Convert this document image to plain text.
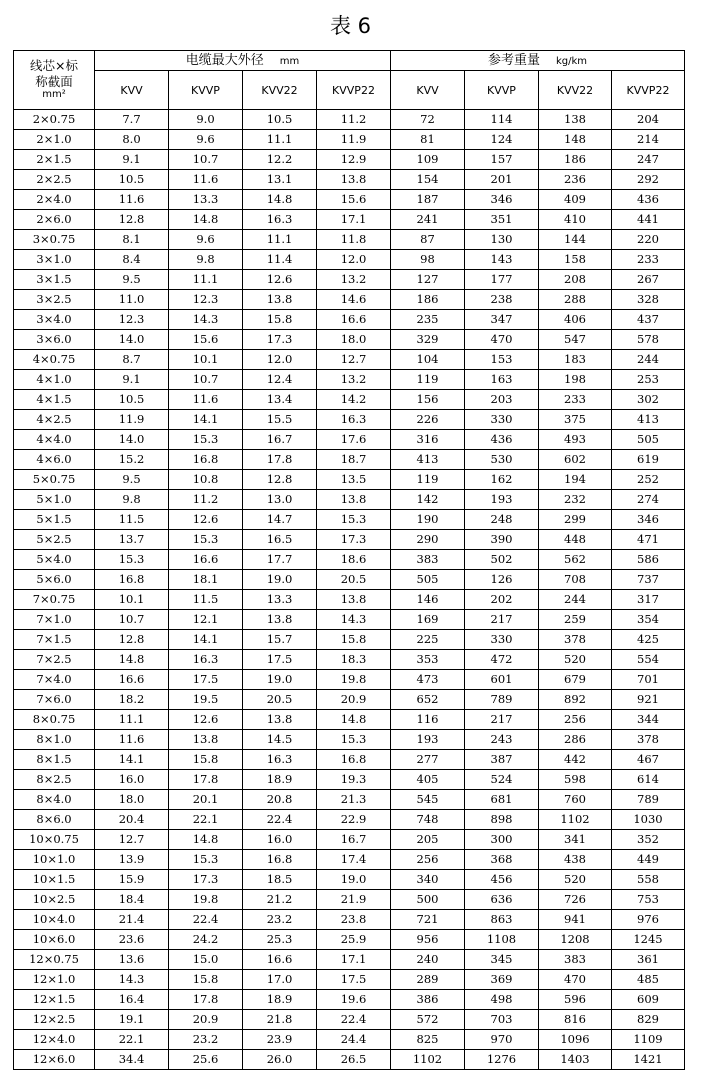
表 6
线芯×标
称截面
mm²	电缆最大外径 mm				参考重量 kg/km			
	KVV	KVVP	KVV22	KVVP22	KVV	KVVP	KVV22	KVVP22
2×0.75	7.7	9.0	10.5	11.2	72	114	138	204
2×1.0	8.0	9.6	11.1	11.9	81	124	148	214
2×1.5	9.1	10.7	12.2	12.9	109	157	186	247
2×2.5	10.5	11.6	13.1	13.8	154	201	236	292
2×4.0	11.6	13.3	14.8	15.6	187	346	409	436
2×6.0	12.8	14.8	16.3	17.1	241	351	410	441
3×0.75	8.1	9.6	11.1	11.8	87	130	144	220
3×1.0	8.4	9.8	11.4	12.0	98	143	158	233
3×1.5	9.5	11.1	12.6	13.2	127	177	208	267
3×2.5	11.0	12.3	13.8	14.6	186	238	288	328
3×4.0	12.3	14.3	15.8	16.6	235	347	406	437
3×6.0	14.0	15.6	17.3	18.0	329	470	547	578
4×0.75	8.7	10.1	12.0	12.7	104	153	183	244
4×1.0	9.1	10.7	12.4	13.2	119	163	198	253
4×1.5	10.5	11.6	13.4	14.2	156	203	233	302
4×2.5	11.9	14.1	15.5	16.3	226	330	375	413
4×4.0	14.0	15.3	16.7	17.6	316	436	493	505
4×6.0	15.2	16.8	17.8	18.7	413	530	602	619
5×0.75	9.5	10.8	12.8	13.5	119	162	194	252
5×1.0	9.8	11.2	13.0	13.8	142	193	232	274
5×1.5	11.5	12.6	14.7	15.3	190	248	299	346
5×2.5	13.7	15.3	16.5	17.3	290	390	448	471
5×4.0	15.3	16.6	17.7	18.6	383	502	562	586
5×6.0	16.8	18.1	19.0	20.5	505	126	708	737
7×0.75	10.1	11.5	13.3	13.8	146	202	244	317
7×1.0	10.7	12.1	13.8	14.3	169	217	259	354
7×1.5	12.8	14.1	15.7	15.8	225	330	378	425
7×2.5	14.8	16.3	17.5	18.3	353	472	520	554
7×4.0	16.6	17.5	19.0	19.8	473	601	679	701
7×6.0	18.2	19.5	20.5	20.9	652	789	892	921
8×0.75	11.1	12.6	13.8	14.8	116	217	256	344
8×1.0	11.6	13.8	14.5	15.3	193	243	286	378
8×1.5	14.1	15.8	16.3	16.8	277	387	442	467
8×2.5	16.0	17.8	18.9	19.3	405	524	598	614
8×4.0	18.0	20.1	20.8	21.3	545	681	760	789
8×6.0	20.4	22.1	22.4	22.9	748	898	1102	1030
10×0.75	12.7	14.8	16.0	16.7	205	300	341	352
10×1.0	13.9	15.3	16.8	17.4	256	368	438	449
10×1.5	15.9	17.3	18.5	19.0	340	456	520	558
10×2.5	18.4	19.8	21.2	21.9	500	636	726	753
10×4.0	21.4	22.4	23.2	23.8	721	863	941	976
10×6.0	23.6	24.2	25.3	25.9	956	1108	1208	1245
12×0.75	13.6	15.0	16.6	17.1	240	345	383	361
12×1.0	14.3	15.8	17.0	17.5	289	369	470	485
12×1.5	16.4	17.8	18.9	19.6	386	498	596	609
12×2.5	19.1	20.9	21.8	22.4	572	703	816	829
12×4.0	22.1	23.2	23.9	24.4	825	970	1096	1109
12×6.0	34.4	25.6	26.0	26.5	1102	1276	1403	1421
